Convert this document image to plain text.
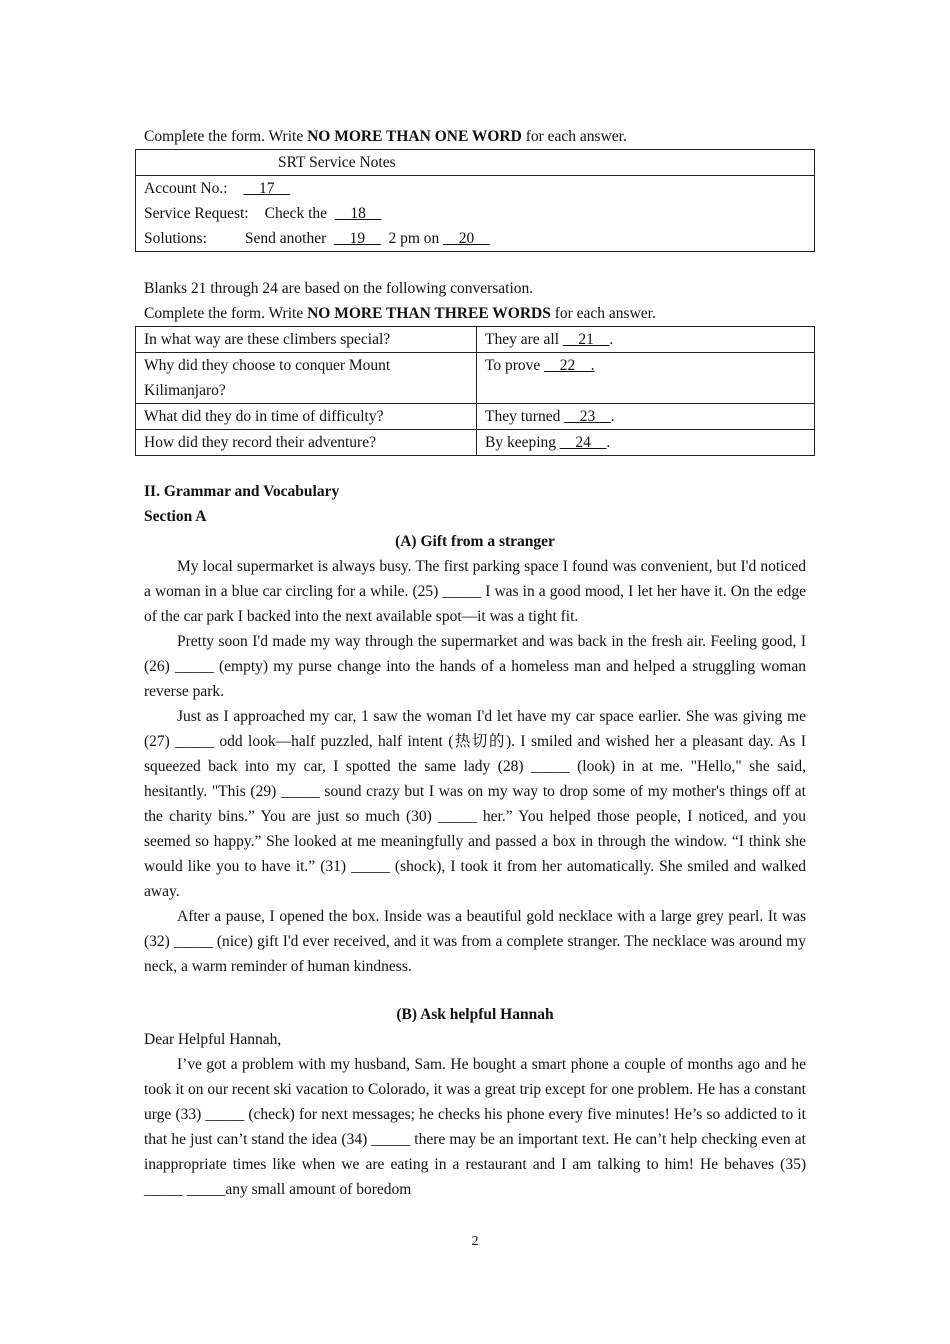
Complete the form. Write NO MORE THAN ONE WORD for each answer.

SRT Service Notes
Account No.: __17__
Service Request: Check the __18__
Solutions: Send another __19__ 2 pm on __20__

Blanks 21 through 24 are based on the following conversation.

Complete the form. Write NO MORE THAN THREE WORDS for each answer.

In what way are these climbers special?	They are all __21__.
Why did they choose to conquer Mount Kilimanjaro?	To prove __22__.
What did they do in time of difficulty?	They turned __23__.
How did they record their adventure?	By keeping __24__.

II. Grammar and Vocabulary

Section A

(A) Gift from a stranger

My local supermarket is always busy. The first parking space I found was convenient, but I'd noticed a woman in a blue car circling for a while. (25) _____ I was in a good mood, I let her have it. On the edge of the car park I backed into the next available spot—it was a tight fit.

Pretty soon I'd made my way through the supermarket and was back in the fresh air. Feeling good, I (26) _____ (empty) my purse change into the hands of a homeless man and helped a struggling woman reverse park.

Just as I approached my car, 1 saw the woman I'd let have my car space earlier. She was giving me (27) _____ odd look—half puzzled, half intent (热切的). I smiled and wished her a pleasant day. As I squeezed back into my car, I spotted the same lady (28) _____ (look) in at me. "Hello," she said, hesitantly. "This (29) _____ sound crazy but I was on my way to drop some of my mother's things off at the charity bins.” You are just so much (30) _____ her.” You helped those people, I noticed, and you seemed so happy.” She looked at me meaningfully and passed a box in through the window. “I think she would like you to have it.” (31) _____ (shock), I took it from her automatically. She smiled and walked away.

After a pause, I opened the box. Inside was a beautiful gold necklace with a large grey pearl. It was (32) _____ (nice) gift I'd ever received, and it was from a complete stranger. The necklace was around my neck, a warm reminder of human kindness.

(B) Ask helpful Hannah

Dear Helpful Hannah,

I’ve got a problem with my husband, Sam. He bought a smart phone a couple of months ago and he took it on our recent ski vacation to Colorado, it was a great trip except for one problem. He has a constant urge (33) _____ (check) for next messages; he checks his phone every five minutes! He’s so addicted to it that he just can’t stand the idea (34) _____ there may be an important text. He can’t help checking even at inappropriate times like when we are eating in a restaurant and I am talking to him! He behaves (35) _____ _____any small amount of boredom

2
